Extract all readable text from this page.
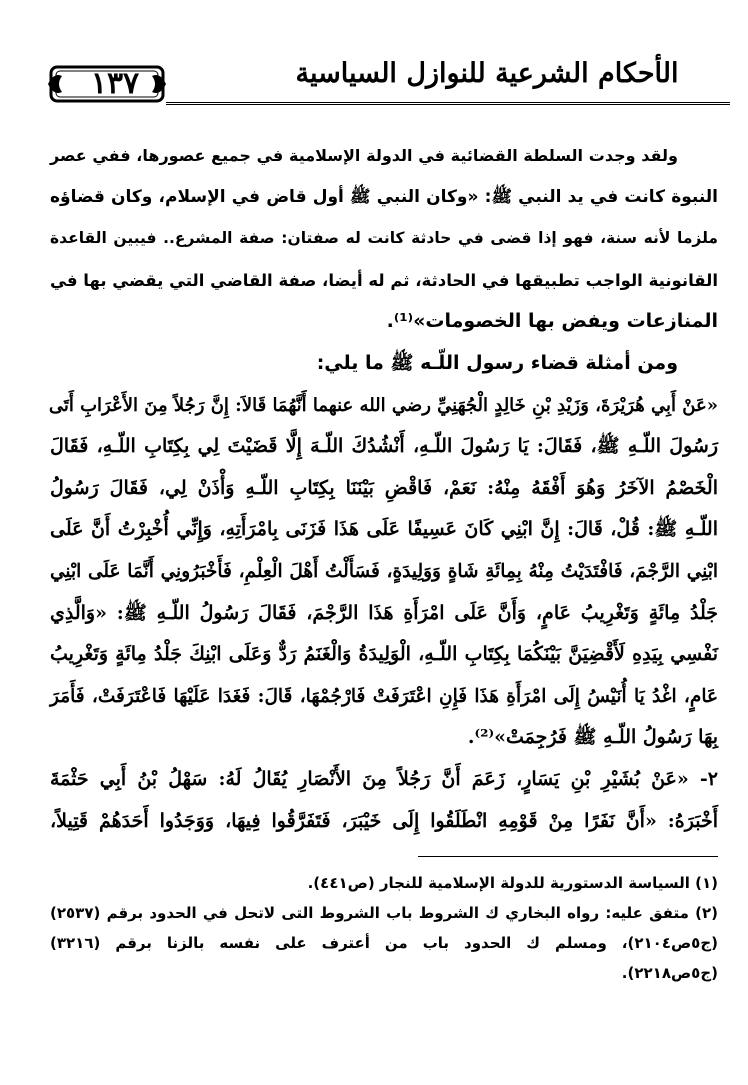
١٣٧	الأحكام الشرعية للنوازل السياسية
ولقد وجدت السلطة القضائية في الدولة الإسلامية في جميع عصورها، ففي عصر
النبوة كانت في يد النبي ﷺ: «وكان النبي ﷺ أول قاض في الإسلام، وكان قضاؤه
ملزما لأنه سنة، فهو إذا قضى في حادثة كانت له صفتان: صفة المشرع.. فيبين القاعدة
القانونية الواجب تطبيقها في الحادثة، ثم له أيضا، صفة القاضي التي يقضي بها في
المنازعات ويفض بها الخصومات»⁽¹⁾.
ومن أمثلة قضاء رسول اللّـه ﷺ ما يلي:
«عَنْ أَبِي هُرَيْرَةَ، وَزَيْدِ بْنِ خَالِدٍ الْجُهَنِيِّ رضي الله عنهما أَنَّهُمَا قَالاَ: إِنَّ رَجُلاً مِنَ الأَعْرَابِ أَتَى
رَسُولَ اللّـهِ ﷺ، فَقَالَ: يَا رَسُولَ اللّـهِ، أَنْشُدُكَ اللّـهَ إِلَّا قَضَيْتَ لِي بِكِتَابِ اللّـهِ، فَقَالَ
الْخَصْمُ الآخَرُ وَهُوَ أَفْقَهُ مِنْهُ: نَعَمْ، فَاقْضِ بَيْنَنَا بِكِتَابِ اللّـهِ وَأْذَنْ لِي، فَقَالَ رَسُولُ
اللّـهِ ﷺ: قُلْ، قَالَ: إِنَّ ابْنِي كَانَ عَسِيفًا عَلَى هَذَا فَزَنَى بِامْرَأَتِهِ، وَإِنِّي أُخْبِرْتُ أَنَّ عَلَى
ابْنِي الرَّجْمَ، فَافْتَدَيْتُ مِنْهُ بِمِائَةِ شَاةٍ وَوَلِيدَةٍ، فَسَأَلْتُ أَهْلَ الْعِلْمِ، فَأَخْبَرُونِي أَنَّمَا عَلَى ابْنِي
جَلْدُ مِائَةٍ وَتَغْرِيبُ عَامٍ، وَأَنَّ عَلَى امْرَأَةِ هَذَا الرَّجْمَ، فَقَالَ رَسُولُ اللّـهِ ﷺ: «وَالَّذِي
نَفْسِي بِيَدِهِ لَأَقْضِيَنَّ بَيْنَكُمَا بِكِتَابِ اللّـهِ، الْوَلِيدَةُ وَالْغَنَمُ رَدٌّ وَعَلَى ابْنِكَ جَلْدُ مِائَةٍ وَتَغْرِيبُ
عَامٍ، اغْدُ يَا أُنَيْسُ إِلَى امْرَأَةِ هَذَا فَإِنِ اعْتَرَفَتْ فَارْجُمْهَا، قَالَ: فَغَدَا عَلَيْهَا فَاعْتَرَفَتْ، فَأَمَرَ
بِهَا رَسُولُ اللّـهِ ﷺ فَرُجِمَتْ»⁽²⁾.
٢- «عَنْ بُشَيْرِ بْنِ يَسَارٍ، زَعَمَ أَنَّ رَجُلاً مِنَ الأَنْصَارِ يُقَالُ لَهُ: سَهْلُ بْنُ أَبِي حَثْمَةَ
أَخْبَرَهُ: «أَنَّ نَفَرًا مِنْ قَوْمِهِ انْطَلَقُوا إِلَى خَيْبَرَ، فَتَفَرَّقُوا فِيهَا، وَوَجَدُوا أَحَدَهُمْ قَتِيلاً،
(١) السياسة الدستورية للدولة الإسلامية للنجار (ص٤٤١).
(٢) متفق عليه: رواه البخاري ك الشروط باب الشروط التى لاتحل في الحدود برقم (٢٥٣٧)
(ج٥ص٢١٠٤)، ومسلم ك الحدود باب من أعترف على نفسه بالزنا برقم (٣٢١٦)
(ج٥ص٢٢١٨).
